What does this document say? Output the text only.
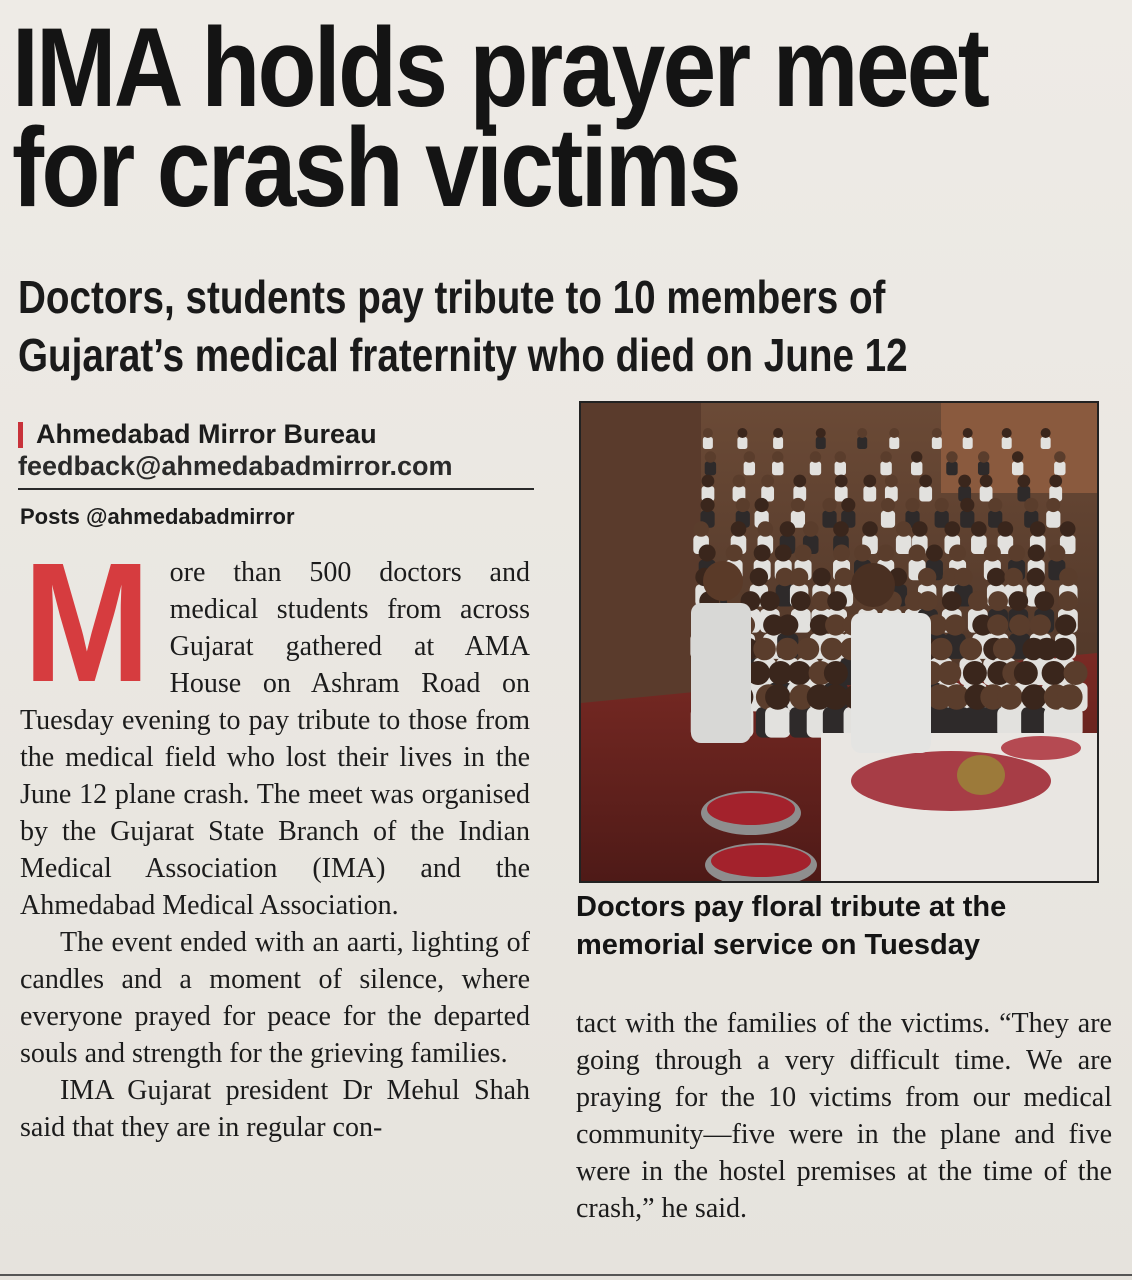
IMA holds prayer meet
for crash victims
Doctors, students pay tribute to 10 members of
Gujarat’s medical fraternity who died on June 12
Ahmedabad Mirror Bureau
feedback@ahmedabadmirror.com
Posts @ahmedabadmirror

More than 500 doctors and medical students from across Gujarat gathered at AMA House on Ashram Road on Tuesday evening to pay tribute to those from the medical field who lost their lives in the June 12 plane crash. The meet was organised by the Gujarat State Branch of the Indian Medical Association (IMA) and the Ahmedabad Medical Association.

The event ended with an aarti, lighting of candles and a moment of silence, where everyone prayed for peace for the departed souls and strength for the grieving families.

IMA Gujarat president Dr Mehul Shah said that they are in regular con-

Doctors pay floral tribute at the
memorial service on Tuesday

tact with the families of the victims. “They are going through a very difficult time. We are praying for the 10 victims from our medical community—five were in the plane and five were in the hostel premises at the time of the crash,” he said.
